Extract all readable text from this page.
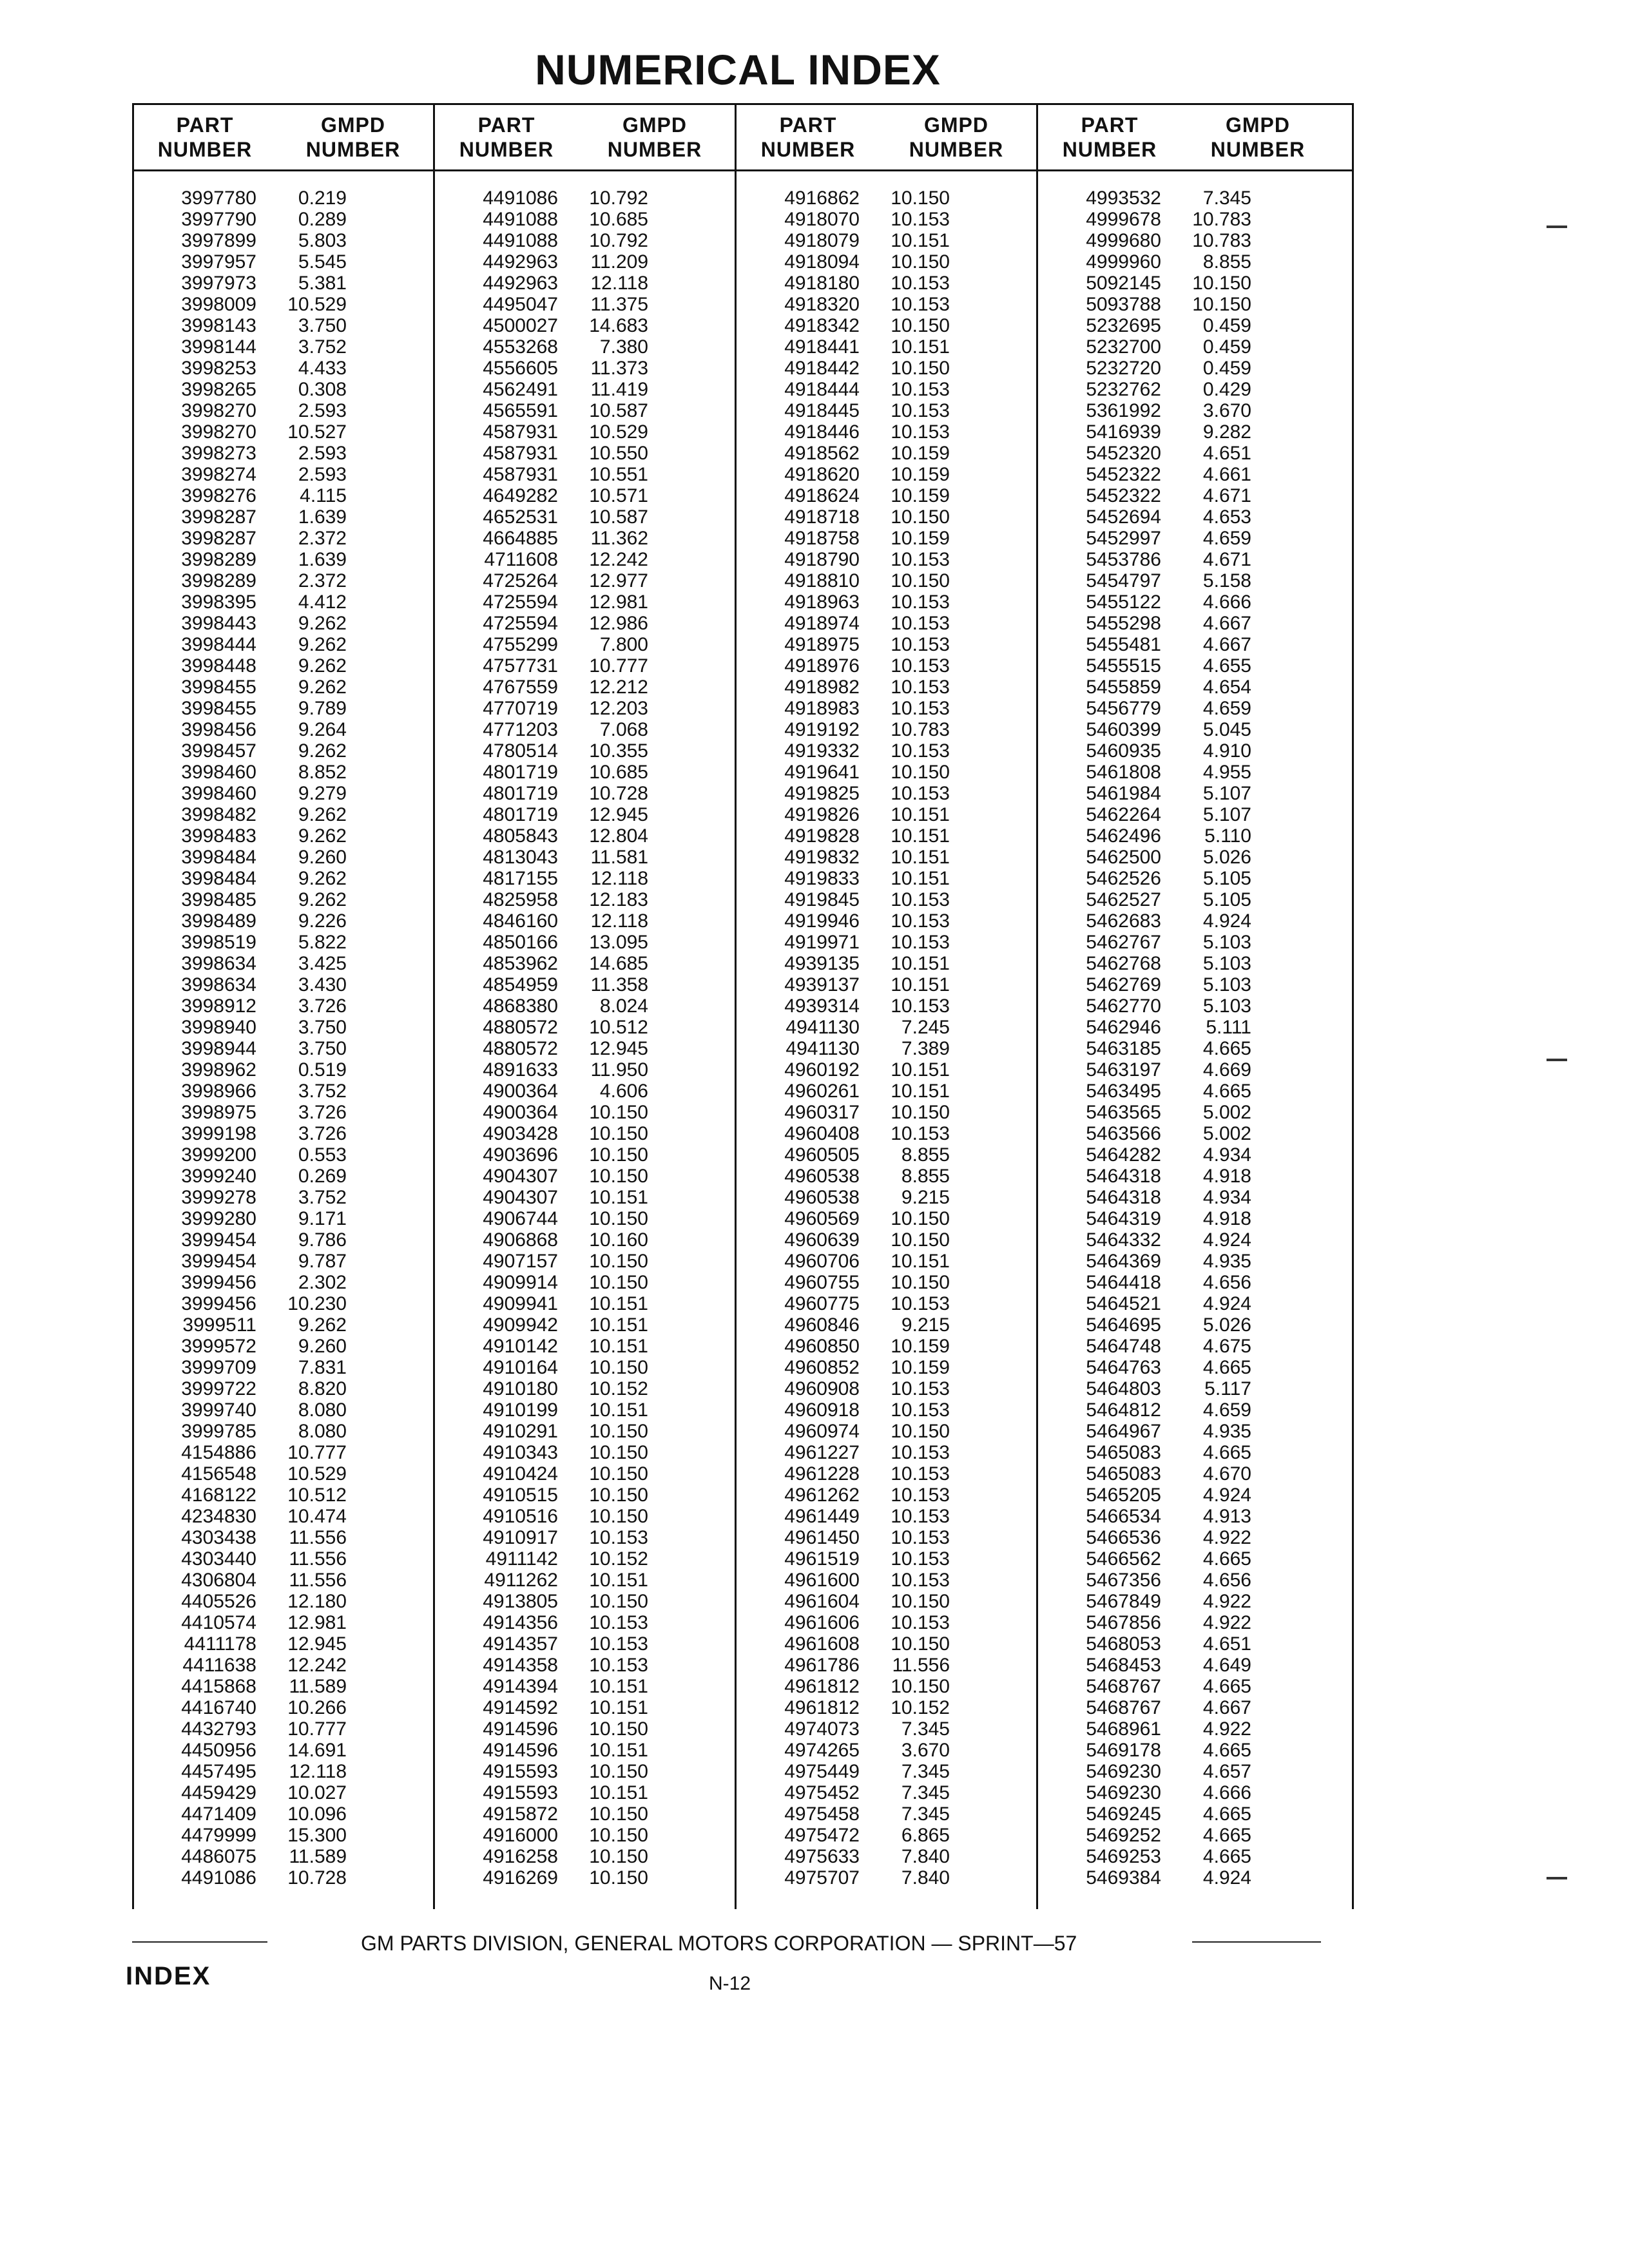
NUMERICAL INDEX
PART
NUMBER
GMPD
NUMBER
PART
NUMBER
GMPD
NUMBER
PART
NUMBER
GMPD
NUMBER
PART
NUMBER
GMPD
NUMBER
3997780	0.219
3997790	0.289
3997899	5.803
3997957	5.545
3997973	5.381
3998009	10.529
3998143	3.750
3998144	3.752
3998253	4.433
3998265	0.308
3998270	2.593
3998270	10.527
3998273	2.593
3998274	2.593
3998276	4.115
3998287	1.639
3998287	2.372
3998289	1.639
3998289	2.372
3998395	4.412
3998443	9.262
3998444	9.262
3998448	9.262
3998455	9.262
3998455	9.789
3998456	9.264
3998457	9.262
3998460	8.852
3998460	9.279
3998482	9.262
3998483	9.262
3998484	9.260
3998484	9.262
3998485	9.262
3998489	9.226
3998519	5.822
3998634	3.425
3998634	3.430
3998912	3.726
3998940	3.750
3998944	3.750
3998962	0.519
3998966	3.752
3998975	3.726
3999198	3.726
3999200	0.553
3999240	0.269
3999278	3.752
3999280	9.171
3999454	9.786
3999454	9.787
3999456	2.302
3999456	10.230
3999511	9.262
3999572	9.260
3999709	7.831
3999722	8.820
3999740	8.080
3999785	8.080
4154886	10.777
4156548	10.529
4168122	10.512
4234830	10.474
4303438	11.556
4303440	11.556
4306804	11.556
4405526	12.180
4410574	12.981
4411178	12.945
4411638	12.242
4415868	11.589
4416740	10.266
4432793	10.777
4450956	14.691
4457495	12.118
4459429	10.027
4471409	10.096
4479999	15.300
4486075	11.589
4491086	10.728
4491086	10.792
4491088	10.685
4491088	10.792
4492963	11.209
4492963	12.118
4495047	11.375
4500027	14.683
4553268	7.380
4556605	11.373
4562491	11.419
4565591	10.587
4587931	10.529
4587931	10.550
4587931	10.551
4649282	10.571
4652531	10.587
4664885	11.362
4711608	12.242
4725264	12.977
4725594	12.981
4725594	12.986
4755299	7.800
4757731	10.777
4767559	12.212
4770719	12.203
4771203	7.068
4780514	10.355
4801719	10.685
4801719	10.728
4801719	12.945
4805843	12.804
4813043	11.581
4817155	12.118
4825958	12.183
4846160	12.118
4850166	13.095
4853962	14.685
4854959	11.358
4868380	8.024
4880572	10.512
4880572	12.945
4891633	11.950
4900364	4.606
4900364	10.150
4903428	10.150
4903696	10.150
4904307	10.150
4904307	10.151
4906744	10.150
4906868	10.160
4907157	10.150
4909914	10.150
4909941	10.151
4909942	10.151
4910142	10.151
4910164	10.150
4910180	10.152
4910199	10.151
4910291	10.150
4910343	10.150
4910424	10.150
4910515	10.150
4910516	10.150
4910917	10.153
4911142	10.152
4911262	10.151
4913805	10.150
4914356	10.153
4914357	10.153
4914358	10.153
4914394	10.151
4914592	10.151
4914596	10.150
4914596	10.151
4915593	10.150
4915593	10.151
4915872	10.150
4916000	10.150
4916258	10.150
4916269	10.150
4916862	10.150
4918070	10.153
4918079	10.151
4918094	10.150
4918180	10.153
4918320	10.153
4918342	10.150
4918441	10.151
4918442	10.150
4918444	10.153
4918445	10.153
4918446	10.153
4918562	10.159
4918620	10.159
4918624	10.159
4918718	10.150
4918758	10.159
4918790	10.153
4918810	10.150
4918963	10.153
4918974	10.153
4918975	10.153
4918976	10.153
4918982	10.153
4918983	10.153
4919192	10.783
4919332	10.153
4919641	10.150
4919825	10.153
4919826	10.151
4919828	10.151
4919832	10.151
4919833	10.151
4919845	10.153
4919946	10.153
4919971	10.153
4939135	10.151
4939137	10.151
4939314	10.153
4941130	7.245
4941130	7.389
4960192	10.151
4960261	10.151
4960317	10.150
4960408	10.153
4960505	8.855
4960538	8.855
4960538	9.215
4960569	10.150
4960639	10.150
4960706	10.151
4960755	10.150
4960775	10.153
4960846	9.215
4960850	10.159
4960852	10.159
4960908	10.153
4960918	10.153
4960974	10.150
4961227	10.153
4961228	10.153
4961262	10.153
4961449	10.153
4961450	10.153
4961519	10.153
4961600	10.153
4961604	10.150
4961606	10.153
4961608	10.150
4961786	11.556
4961812	10.150
4961812	10.152
4974073	7.345
4974265	3.670
4975449	7.345
4975452	7.345
4975458	7.345
4975472	6.865
4975633	7.840
4975707	7.840
4993532	7.345
4999678	10.783
4999680	10.783
4999960	8.855
5092145	10.150
5093788	10.150
5232695	0.459
5232700	0.459
5232720	0.459
5232762	0.429
5361992	3.670
5416939	9.282
5452320	4.651
5452322	4.661
5452322	4.671
5452694	4.653
5452997	4.659
5453786	4.671
5454797	5.158
5455122	4.666
5455298	4.667
5455481	4.667
5455515	4.655
5455859	4.654
5456779	4.659
5460399	5.045
5460935	4.910
5461808	4.955
5461984	5.107
5462264	5.107
5462496	5.110
5462500	5.026
5462526	5.105
5462527	5.105
5462683	4.924
5462767	5.103
5462768	5.103
5462769	5.103
5462770	5.103
5462946	5.111
5463185	4.665
5463197	4.669
5463495	4.665
5463565	5.002
5463566	5.002
5464282	4.934
5464318	4.918
5464318	4.934
5464319	4.918
5464332	4.924
5464369	4.935
5464418	4.656
5464521	4.924
5464695	5.026
5464748	4.675
5464763	4.665
5464803	5.117
5464812	4.659
5464967	4.935
5465083	4.665
5465083	4.670
5465205	4.924
5466534	4.913
5466536	4.922
5466562	4.665
5467356	4.656
5467849	4.922
5467856	4.922
5468053	4.651
5468453	4.649
5468767	4.665
5468767	4.667
5468961	4.922
5469178	4.665
5469230	4.657
5469230	4.666
5469245	4.665
5469252	4.665
5469253	4.665
5469384	4.924
GM PARTS DIVISION, GENERAL MOTORS CORPORATION — SPRINT—57
INDEX	N-12
